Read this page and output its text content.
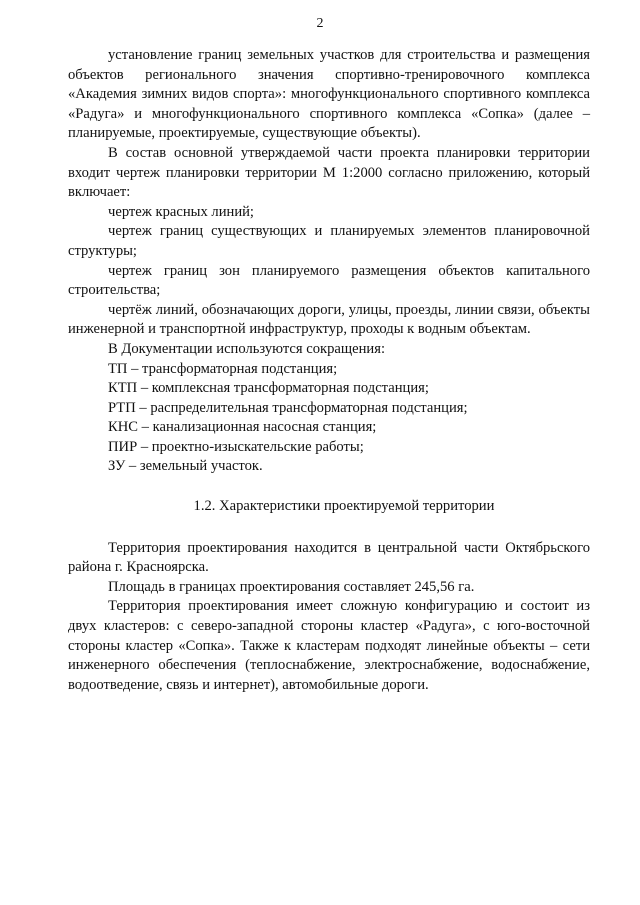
2

установление границ земельных участков для строительства и размещения объектов регионального значения спортивно-тренировочного комплекса «Академия зимних видов спорта»: многофункционального спортивного комплекса «Радуга» и многофункционального спортивного комплекса «Сопка» (далее – планируемые, проектируемые, существующие объекты).

В состав основной утверждаемой части проекта планировки территории входит чертеж планировки территории М 1:2000 согласно приложению, который включает:

чертеж красных линий;

чертеж границ существующих и планируемых элементов планировочной структуры;

чертеж границ зон планируемого размещения объектов капитального строительства;

чертёж линий, обозначающих дороги, улицы, проезды, линии связи, объекты инженерной и транспортной инфраструктур, проходы к водным объектам.

В Документации используются сокращения:

ТП – трансформаторная подстанция;

КТП – комплексная трансформаторная подстанция;

РТП – распределительная трансформаторная подстанция;

КНС – канализационная насосная станция;

ПИР – проектно-изыскательские работы;

ЗУ – земельный участок.

1.2. Характеристики проектируемой территории

Территория проектирования находится в центральной части Октябрьского района г. Красноярска.

Площадь в границах проектирования составляет 245,56 га.

Территория проектирования имеет сложную конфигурацию и состоит из двух кластеров: с северо-западной стороны кластер «Радуга», с юго-восточной стороны кластер «Сопка». Также к кластерам подходят линейные объекты – сети инженерного обеспечения (теплоснабжение, электроснабжение, водоснабжение, водоотведение, связь и интернет), автомобильные дороги.
